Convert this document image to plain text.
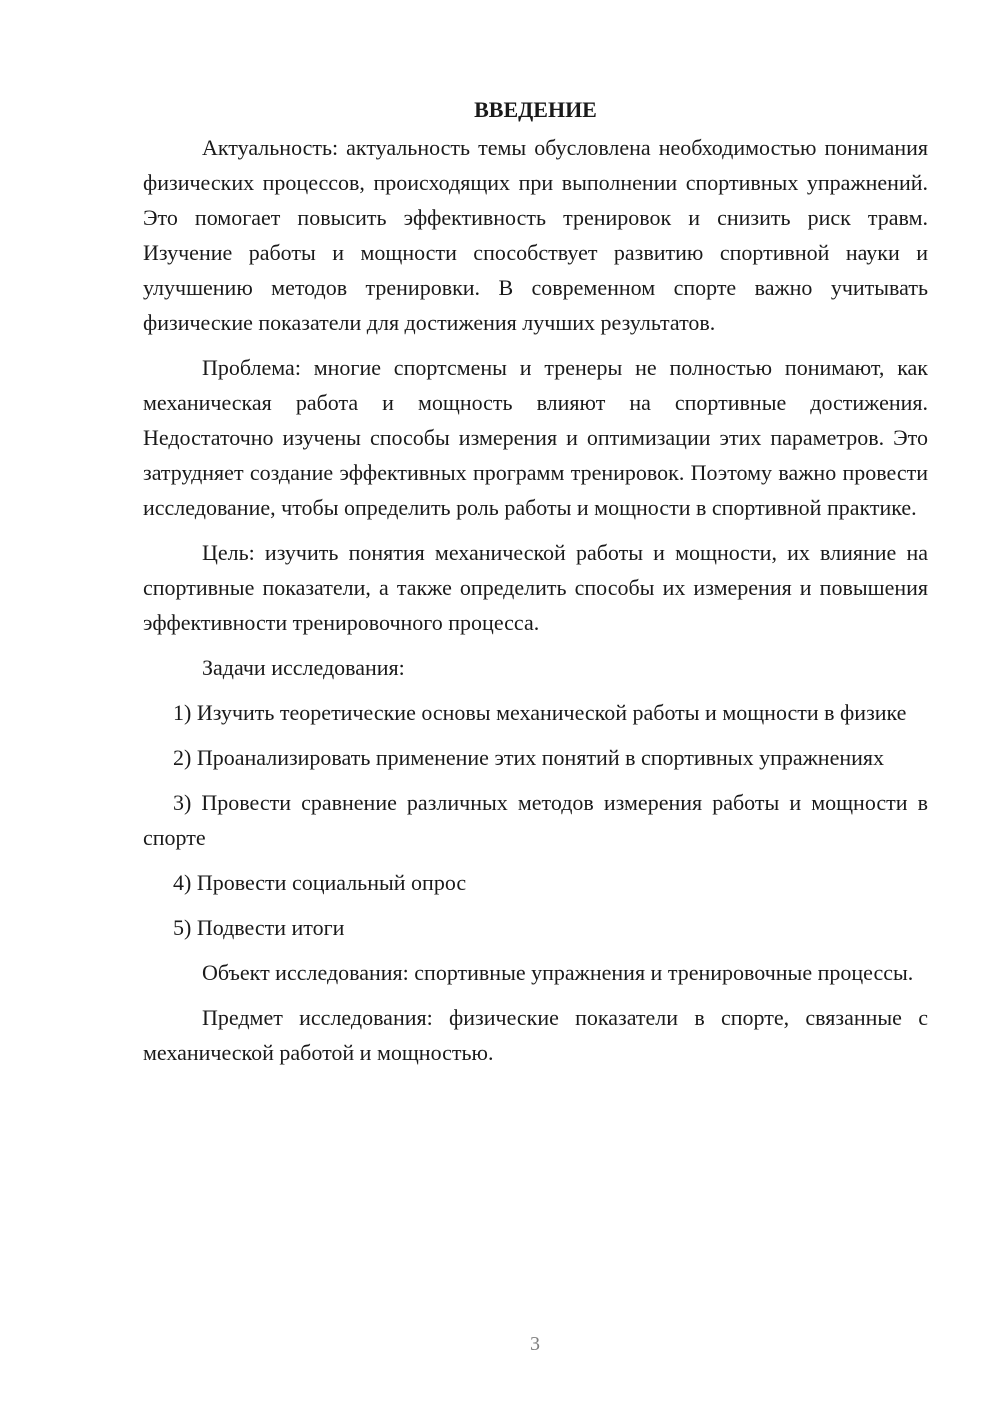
ВВЕДЕНИЕ

Актуальность: актуальность темы обусловлена необходимостью понимания физических процессов, происходящих при выполнении спортивных упражнений. Это помогает повысить эффективность тренировок и снизить риск травм. Изучение работы и мощности способствует развитию спортивной науки и улучшению методов тренировки. В современном спорте важно учитывать физические показатели для достижения лучших результатов.

Проблема: многие спортсмены и тренеры не полностью понимают, как механическая работа и мощность влияют на спортивные достижения. Недостаточно изучены способы измерения и оптимизации этих параметров. Это затрудняет создание эффективных программ тренировок. Поэтому важно провести исследование, чтобы определить роль работы и мощности в спортивной практике.

Цель: изучить понятия механической работы и мощности, их влияние на спортивные показатели, а также определить способы их измерения и повышения эффективности тренировочного процесса.

Задачи исследования:

1) Изучить теоретические основы механической работы и мощности в физике

2) Проанализировать применение этих понятий в спортивных упражнениях

3) Провести сравнение различных методов измерения работы и мощности в спорте

4) Провести социальный опрос

5) Подвести итоги

Объект исследования: спортивные упражнения и тренировочные процессы.

Предмет исследования: физические показатели в спорте, связанные с механической работой и мощностью.

3
